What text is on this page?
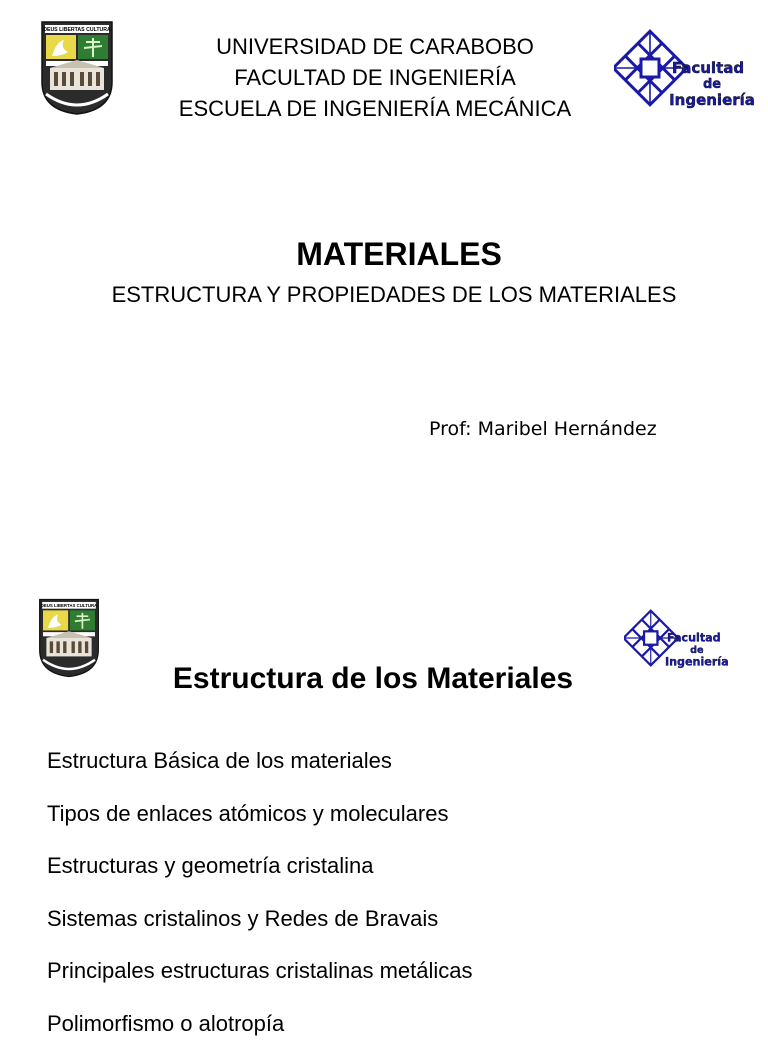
UNIVERSIDAD DE CARABOBO

FACULTAD DE INGENIERÍA

ESCUELA DE INGENIERÍA MECÁNICA

MATERIALES

ESTRUCTURA Y PROPIEDADES DE LOS MATERIALES

Prof: Maribel Hernández
Estructura de los Materiales
Estructura Básica de los materiales
Tipos de enlaces atómicos y moleculares
Estructuras y geometría cristalina
Sistemas cristalinos y Redes de Bravais
Principales estructuras cristalinas metálicas
Polimorfismo o alotropía
